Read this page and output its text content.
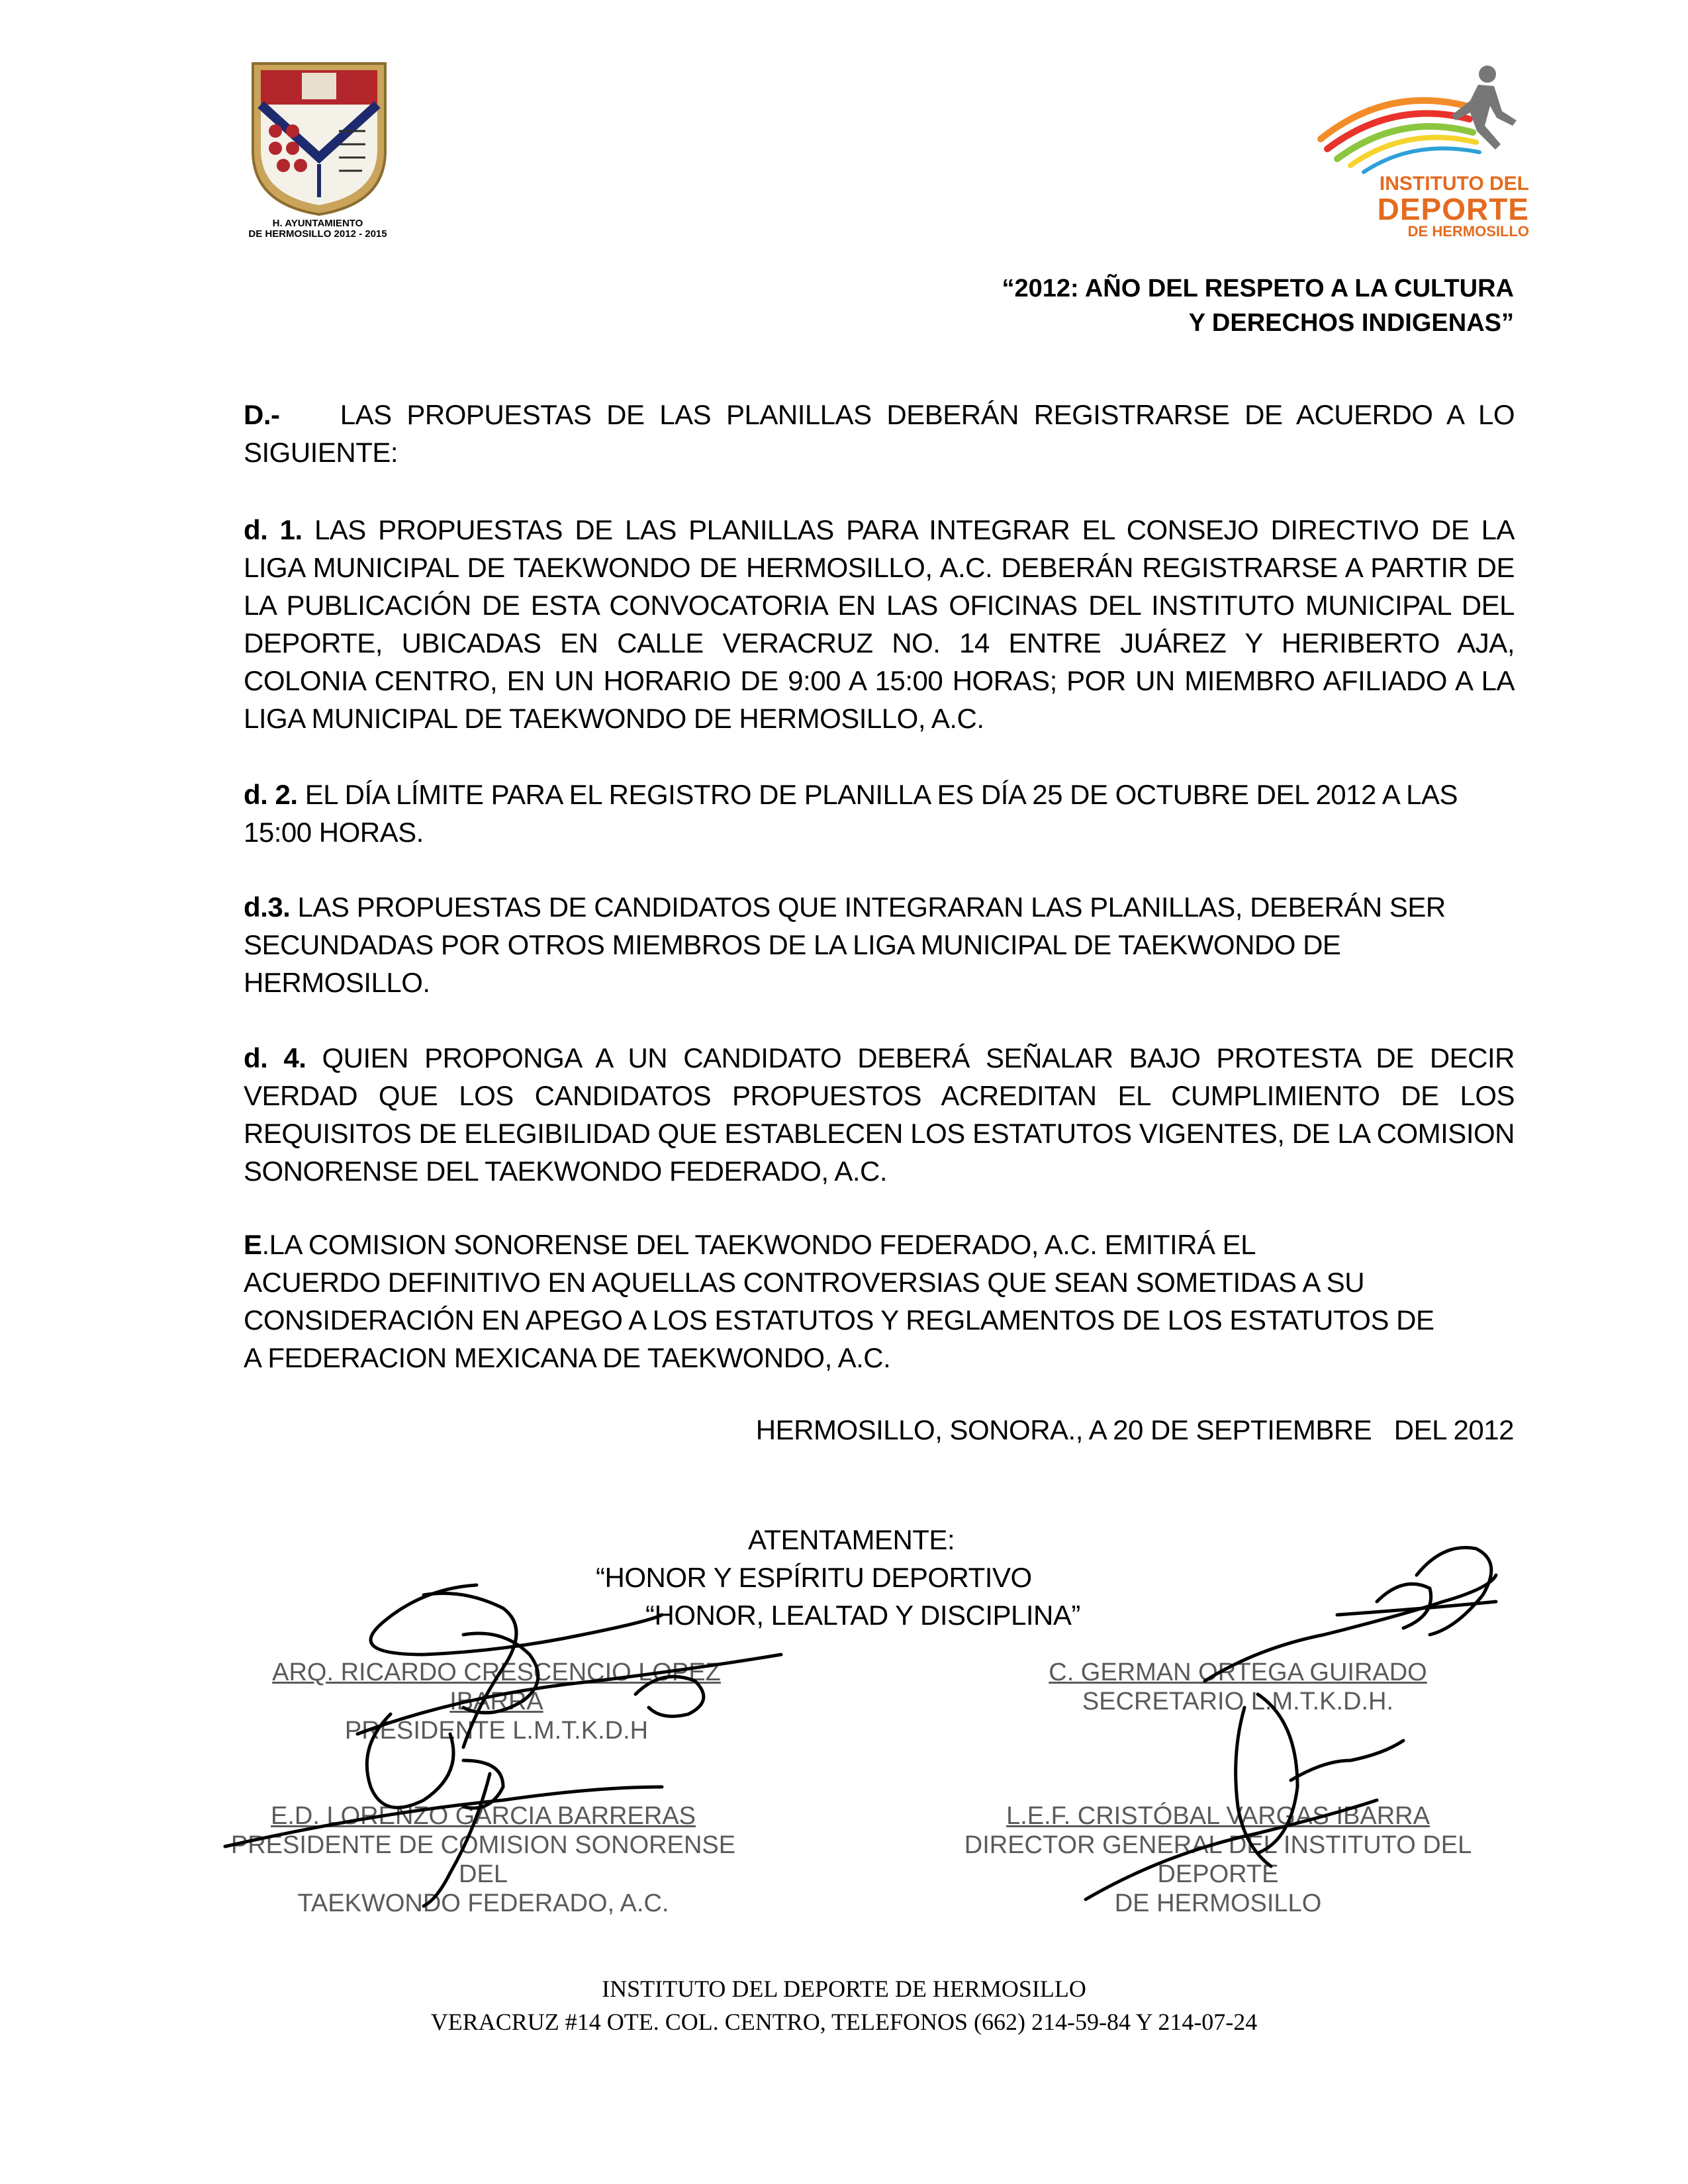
H. AYUNTAMIENTO
DE HERMOSILLO 2012 - 2015
INSTITUTO DEL
DEPORTE
DE HERMOSILLO
“2012: AÑO DEL RESPETO A LA CULTURA
Y DERECHOS INDIGENAS”
D.- LAS PROPUESTAS DE LAS PLANILLAS DEBERÁN REGISTRARSE DE ACUERDO A LO SIGUIENTE:
d. 1. LAS PROPUESTAS DE LAS PLANILLAS PARA INTEGRAR EL CONSEJO DIRECTIVO DE LA LIGA MUNICIPAL DE TAEKWONDO DE HERMOSILLO, A.C. DEBERÁN REGISTRARSE A PARTIR DE LA PUBLICACIÓN DE ESTA CONVOCATORIA EN LAS OFICINAS DEL INSTITUTO MUNICIPAL DEL DEPORTE, UBICADAS EN CALLE VERACRUZ NO. 14 ENTRE JUÁREZ Y HERIBERTO AJA, COLONIA CENTRO, EN UN HORARIO DE 9:00 A 15:00 HORAS; POR UN MIEMBRO AFILIADO A LA LIGA MUNICIPAL DE TAEKWONDO DE HERMOSILLO, A.C.
d. 2. EL DÍA LÍMITE PARA EL REGISTRO DE PLANILLA ES DÍA 25 DE OCTUBRE DEL 2012 A LAS 15:00 HORAS.
d.3. LAS PROPUESTAS DE CANDIDATOS QUE INTEGRARAN LAS PLANILLAS, DEBERÁN SER SECUNDADAS POR OTROS MIEMBROS DE LA LIGA MUNICIPAL DE TAEKWONDO DE HERMOSILLO.
d. 4. QUIEN PROPONGA A UN CANDIDATO DEBERÁ SEÑALAR BAJO PROTESTA DE DECIR VERDAD QUE LOS CANDIDATOS PROPUESTOS ACREDITAN EL CUMPLIMIENTO DE LOS REQUISITOS DE ELEGIBILIDAD QUE ESTABLECEN LOS ESTATUTOS VIGENTES, DE LA COMISION SONORENSE DEL TAEKWONDO FEDERADO, A.C.
E.LA COMISION SONORENSE DEL TAEKWONDO FEDERADO, A.C. EMITIRÁ EL
ACUERDO DEFINITIVO EN AQUELLAS CONTROVERSIAS QUE SEAN SOMETIDAS A SU
CONSIDERACIÓN EN APEGO A LOS ESTATUTOS Y REGLAMENTOS DE LOS ESTATUTOS DE
A FEDERACION MEXICANA DE TAEKWONDO, A.C.
HERMOSILLO, SONORA., A 20 DE SEPTIEMBRE   DEL 2012
ATENTAMENTE:
“HONOR Y ESPÍRITU DEPORTIVO
“HONOR, LEALTAD Y DISCIPLINA”
ARQ. RICARDO CRESCENCIO LOPEZ IBARRA
PRESIDENTE L.M.T.K.D.H
C. GERMAN ORTEGA GUIRADO
SECRETARIO L.M.T.K.D.H.
E.D. LORENZO GARCIA BARRERAS
PRESIDENTE DE COMISION SONORENSE DEL
TAEKWONDO FEDERADO, A.C.
L.E.F. CRISTÓBAL VARGAS IBARRA
DIRECTOR GENERAL DEL INSTITUTO DEL DEPORTE
DE HERMOSILLO
INSTITUTO DEL DEPORTE DE HERMOSILLO
VERACRUZ #14 OTE. COL. CENTRO, TELEFONOS (662) 214-59-84 Y 214-07-24
